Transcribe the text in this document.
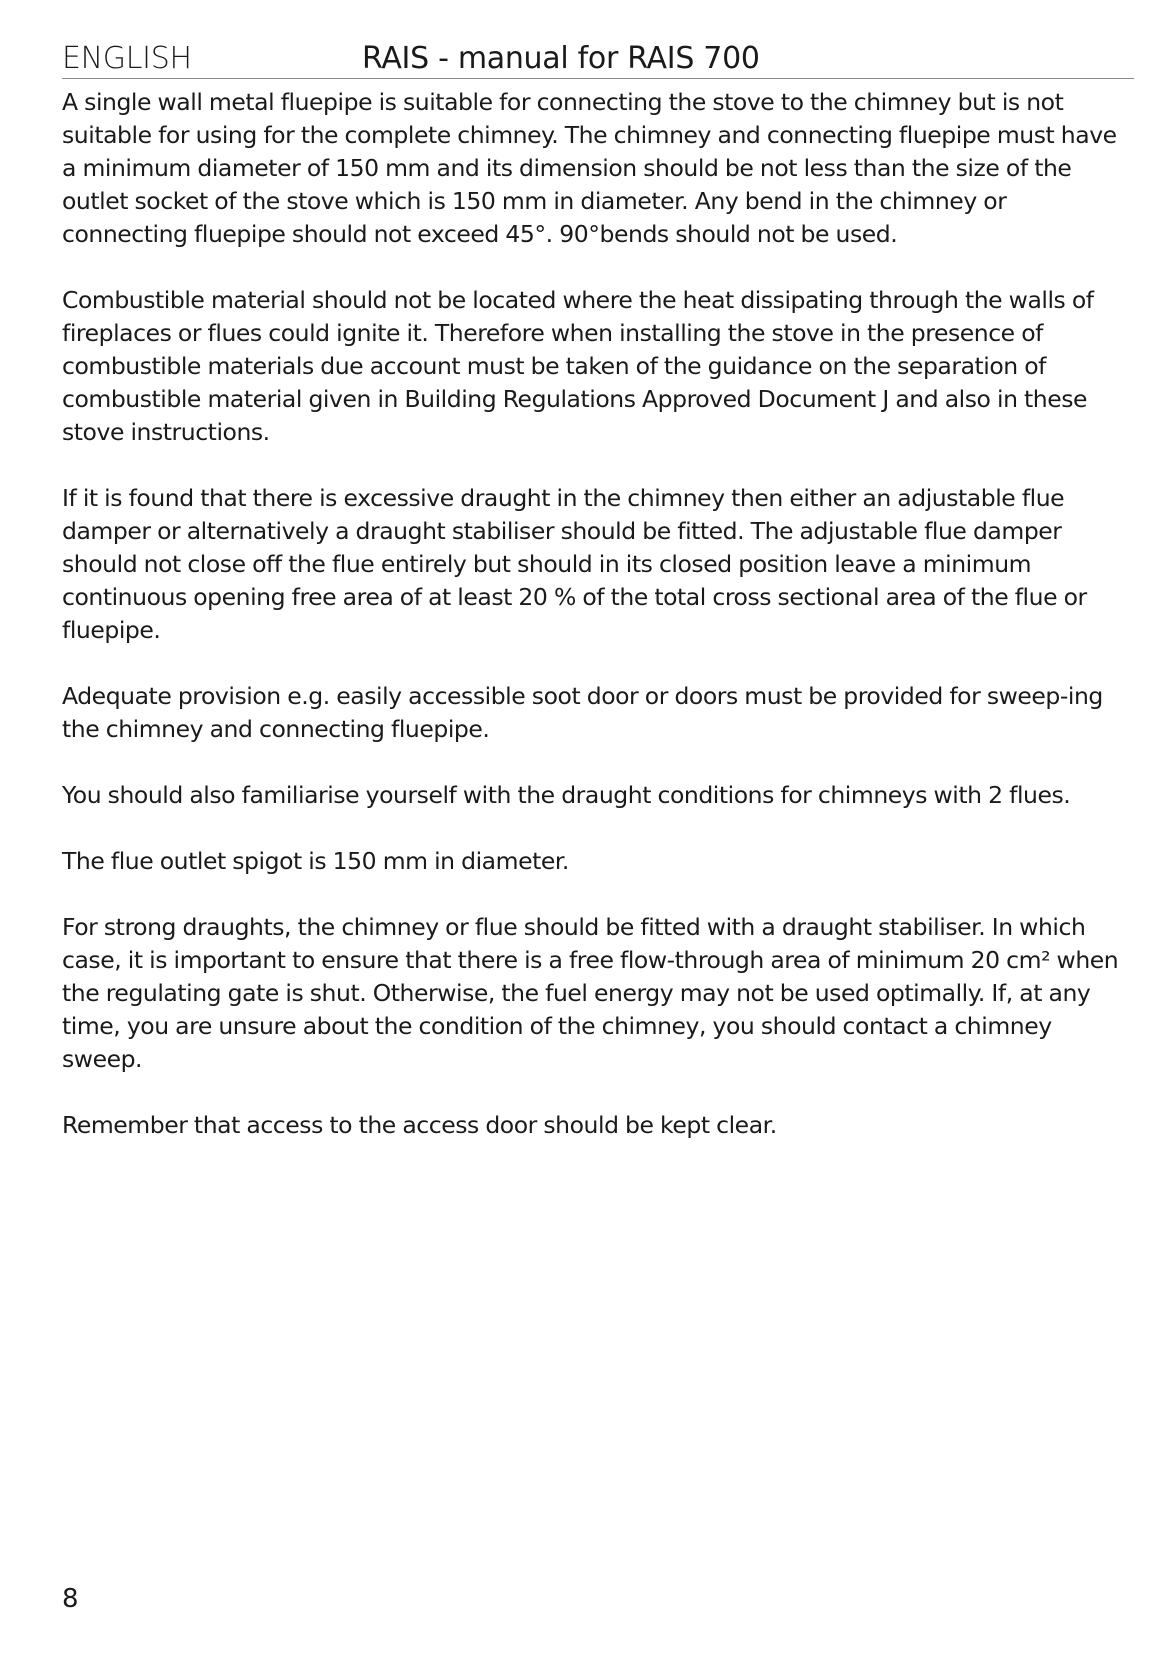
ENGLISH	RAIS - manual for RAIS 700

A single wall metal fluepipe is suitable for connecting the stove to the chimney but is not suitable for using for the complete chimney. The chimney and connecting fluepipe must have a minimum diameter of 150 mm and its dimension should be not less than the size of the outlet socket of the stove which is 150 mm in diameter. Any bend in the chimney or connecting fluepipe should not exceed 45°. 90°bends should not be used.

Combustible material should not be located where the heat dissipating through the walls of fireplaces or flues could ignite it. Therefore when installing the stove in the presence of combustible materials due account must be taken of the guidance on the separation of combustible material given in Building Regulations Approved Document J and also in these stove instructions.

If it is found that there is excessive draught in the chimney then either an adjustable flue damper or alternatively a draught stabiliser should be fitted. The adjustable flue damper should not close off the flue entirely but should in its closed position leave a minimum continuous opening free area of at least 20 % of the total cross sectional area of the flue or fluepipe.

Adequate provision e.g. easily accessible soot door or doors must be provided for sweep-ing the chimney and connecting fluepipe.

You should also familiarise yourself with the draught conditions for chimneys with 2 flues.

The flue outlet spigot is 150 mm in diameter.

For strong draughts, the chimney or flue should be fitted with a draught stabiliser. In which case, it is important to ensure that there is a free flow-through area of minimum 20 cm² when the regulating gate is shut. Otherwise, the fuel energy may not be used optimally. If, at any time, you are unsure about the condition of the chimney, you should contact a chimney sweep.

Remember that access to the access door should be kept clear.

8
